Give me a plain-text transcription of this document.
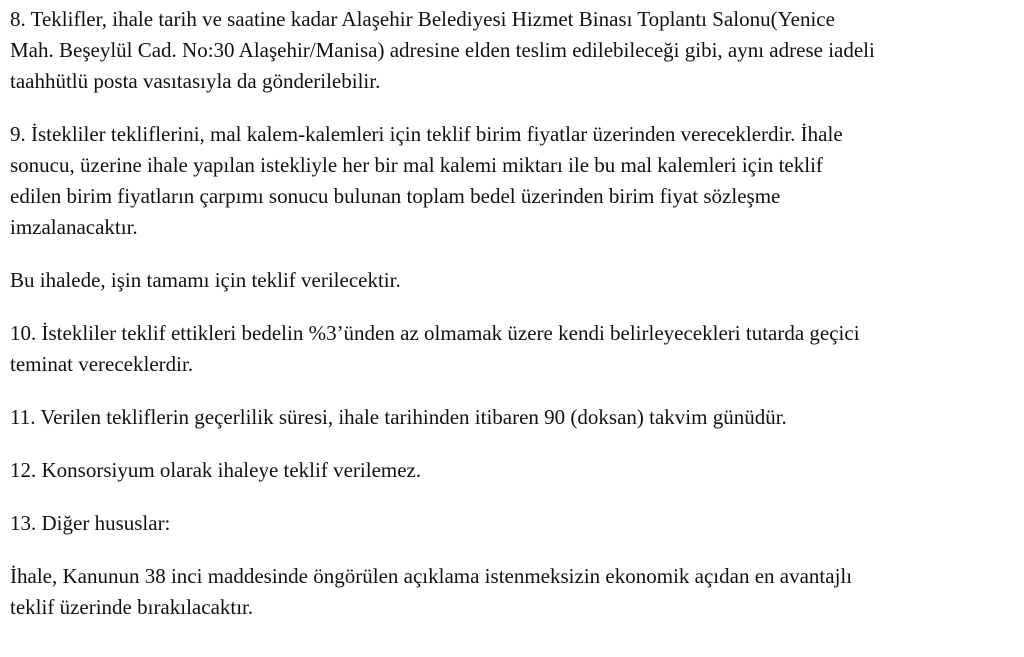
8. Teklifler, ihale tarih ve saatine kadar Alaşehir Belediyesi Hizmet Binası Toplantı Salonu(Yenice
Mah. Beşeylül Cad. No:30 Alaşehir/Manisa) adresine elden teslim edilebileceği gibi, aynı adrese iadeli
taahhütlü posta vasıtasıyla da gönderilebilir.

9. İstekliler tekliflerini, mal kalem-kalemleri için teklif birim fiyatlar üzerinden vereceklerdir. İhale
sonucu, üzerine ihale yapılan istekliyle her bir mal kalemi miktarı ile bu mal kalemleri için teklif
edilen birim fiyatların çarpımı sonucu bulunan toplam bedel üzerinden birim fiyat sözleşme
imzalanacaktır.

Bu ihalede, işin tamamı için teklif verilecektir.

10. İstekliler teklif ettikleri bedelin %3’ünden az olmamak üzere kendi belirleyecekleri tutarda geçici
teminat vereceklerdir.

11. Verilen tekliflerin geçerlilik süresi, ihale tarihinden itibaren 90 (doksan) takvim günüdür.

12. Konsorsiyum olarak ihaleye teklif verilemez.

13. Diğer hususlar:

İhale, Kanunun 38 inci maddesinde öngörülen açıklama istenmeksizin ekonomik açıdan en avantajlı
teklif üzerinde bırakılacaktır.
